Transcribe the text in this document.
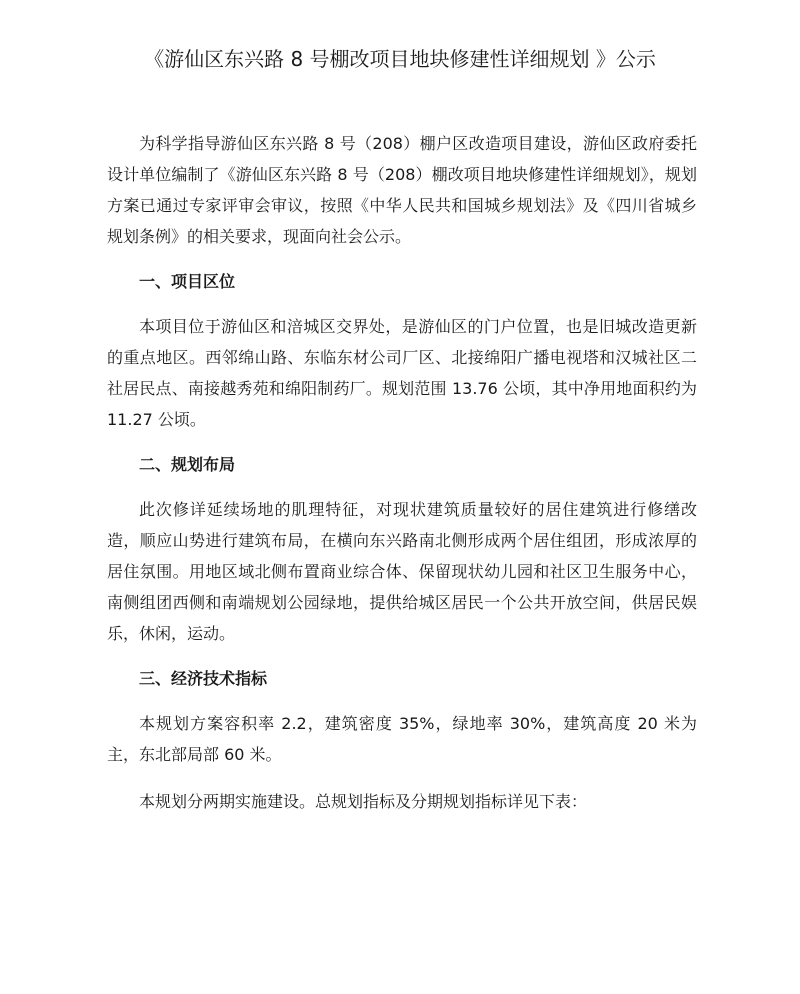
《游仙区东兴路 8 号棚改项目地块修建性详细规划 》公示

为科学指导游仙区东兴路 8 号（208）棚户区改造项目建设，游仙区政府委托设计单位编制了《游仙区东兴路 8 号（208）棚改项目地块修建性详细规划》，规划方案已通过专家评审会审议，按照《中华人民共和国城乡规划法》及《四川省城乡规划条例》的相关要求，现面向社会公示。

一、项目区位

本项目位于游仙区和涪城区交界处，是游仙区的门户位置，也是旧城改造更新的重点地区。西邻绵山路、东临东材公司厂区、北接绵阳广播电视塔和汉城社区二社居民点、南接越秀苑和绵阳制药厂。规划范围 13.76 公顷，其中净用地面积约为 11.27 公顷。

二、规划布局

此次修详延续场地的肌理特征，对现状建筑质量较好的居住建筑进行修缮改造，顺应山势进行建筑布局，在横向东兴路南北侧形成两个居住组团，形成浓厚的居住氛围。用地区域北侧布置商业综合体、保留现状幼儿园和社区卫生服务中心，南侧组团西侧和南端规划公园绿地，提供给城区居民一个公共开放空间，供居民娱乐，休闲，运动。

三、经济技术指标

本规划方案容积率 2.2，建筑密度 35%，绿地率 30%，建筑高度 20 米为主，东北部局部 60 米。

本规划分两期实施建设。总规划指标及分期规划指标详见下表：
